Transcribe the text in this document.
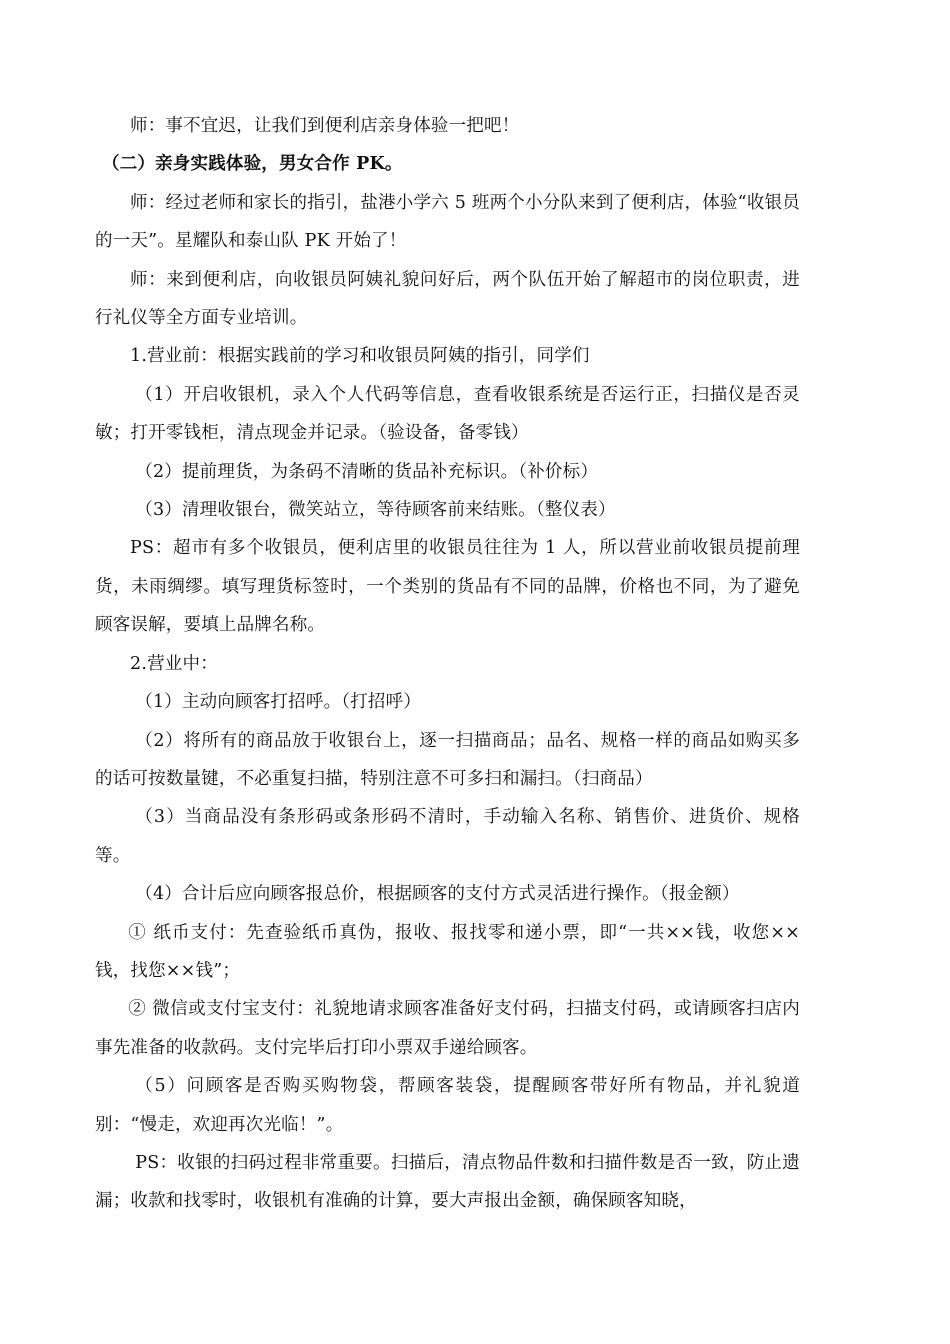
师：事不宜迟，让我们到便利店亲身体验一把吧！

（二）亲身实践体验，男女合作 PK。

师：经过老师和家长的指引，盐港小学六 5 班两个小分队来到了便利店，体验“收银员的一天”。星耀队和泰山队 PK 开始了！

师：来到便利店，向收银员阿姨礼貌问好后，两个队伍开始了解超市的岗位职责，进行礼仪等全方面专业培训。

1.营业前：根据实践前的学习和收银员阿姨的指引，同学们

（1）开启收银机，录入个人代码等信息，查看收银系统是否运行正，扫描仪是否灵敏；打开零钱柜，清点现金并记录。（验设备，备零钱）

（2）提前理货，为条码不清晰的货品补充标识。（补价标）

（3）清理收银台，微笑站立，等待顾客前来结账。（整仪表）

PS：超市有多个收银员，便利店里的收银员往往为 1 人，所以营业前收银员提前理货，未雨绸缪。填写理货标签时，一个类别的货品有不同的品牌，价格也不同，为了避免顾客误解，要填上品牌名称。

2.营业中：

（1）主动向顾客打招呼。（打招呼）

（2）将所有的商品放于收银台上，逐一扫描商品；品名、规格一样的商品如购买多的话可按数量键，不必重复扫描，特别注意不可多扫和漏扫。（扫商品）

（3）当商品没有条形码或条形码不清时，手动输入名称、销售价、进货价、规格等。

（4）合计后应向顾客报总价，根据顾客的支付方式灵活进行操作。（报金额）

① 纸币支付：先查验纸币真伪，报收、报找零和递小票，即“一共××钱，收您××钱，找您××钱”；

② 微信或支付宝支付：礼貌地请求顾客准备好支付码，扫描支付码，或请顾客扫店内事先准备的收款码。支付完毕后打印小票双手递给顾客。

（5）问顾客是否购买购物袋，帮顾客装袋，提醒顾客带好所有物品，并礼貌道别：“慢走，欢迎再次光临！”。

PS：收银的扫码过程非常重要。扫描后，清点物品件数和扫描件数是否一致，防止遗漏；收款和找零时，收银机有准确的计算，要大声报出金额，确保顾客知晓，
